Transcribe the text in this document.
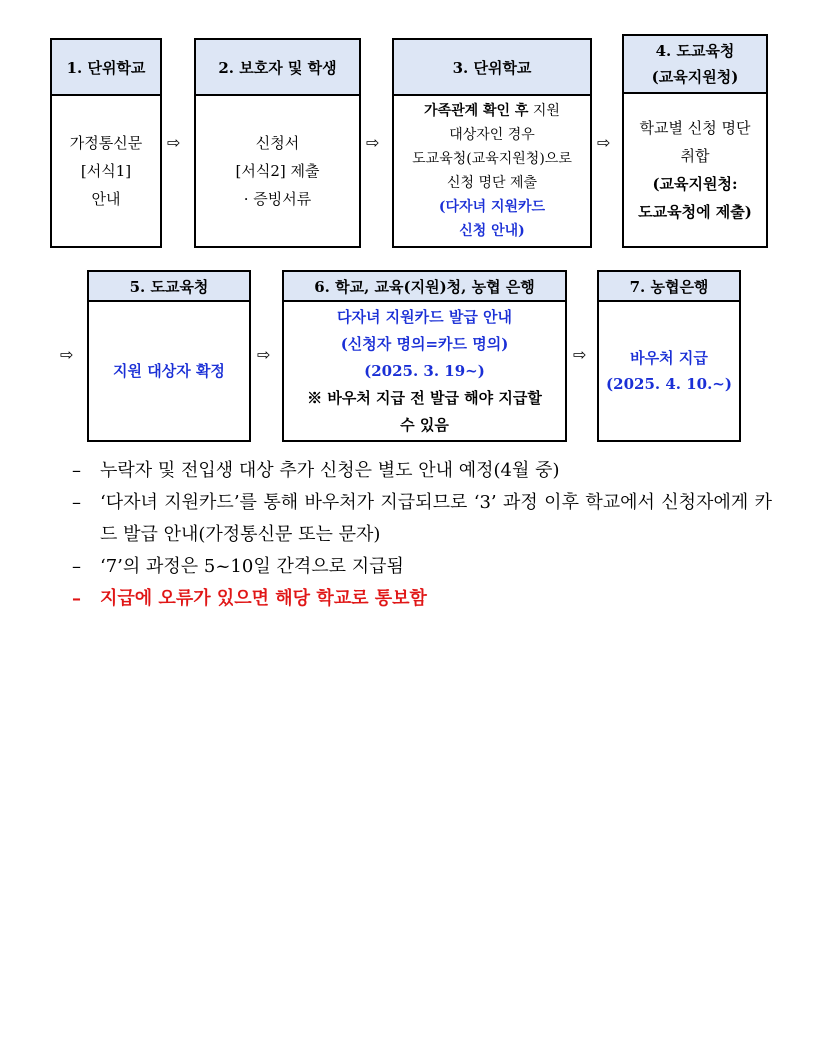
1. 단위학교
가정통신문
[서식1]
안내
⇨
2. 보호자 및 학생
신청서
[서식2] 제출
· 증빙서류
⇨
3. 단위학교
가족관계 확인 후 지원
대상자인 경우
도교육청(교육지원청)으로
신청 명단 제출
(다자녀 지원카드
신청 안내)
⇨
4. 도교육청
(교육지원청)
학교별 신청 명단
취합
(교육지원청:
도교육청에 제출)
⇨
5. 도교육청
지원 대상자 확정
⇨
6. 학교, 교육(지원)청, 농협 은행
다자녀 지원카드 발급 안내
(신청자 명의=카드 명의)
(2025. 3. 19~)
※ 바우처 지급 전 발급 해야 지급할
수 있음
⇨
7. 농협은행
바우처 지급
(2025. 4. 10.~)
– 누락자 및 전입생 대상 추가 신청은 별도 안내 예정(4월 중)
– ‘다자녀 지원카드’를 통해 바우처가 지급되므로 ‘3’ 과정 이후 학교에서 신청자에게 카드 발급 안내(가정통신문 또는 문자)
– ‘7’의 과정은 5~10일 간격으로 지급됨
– 지급에 오류가 있으면 해당 학교로 통보함
